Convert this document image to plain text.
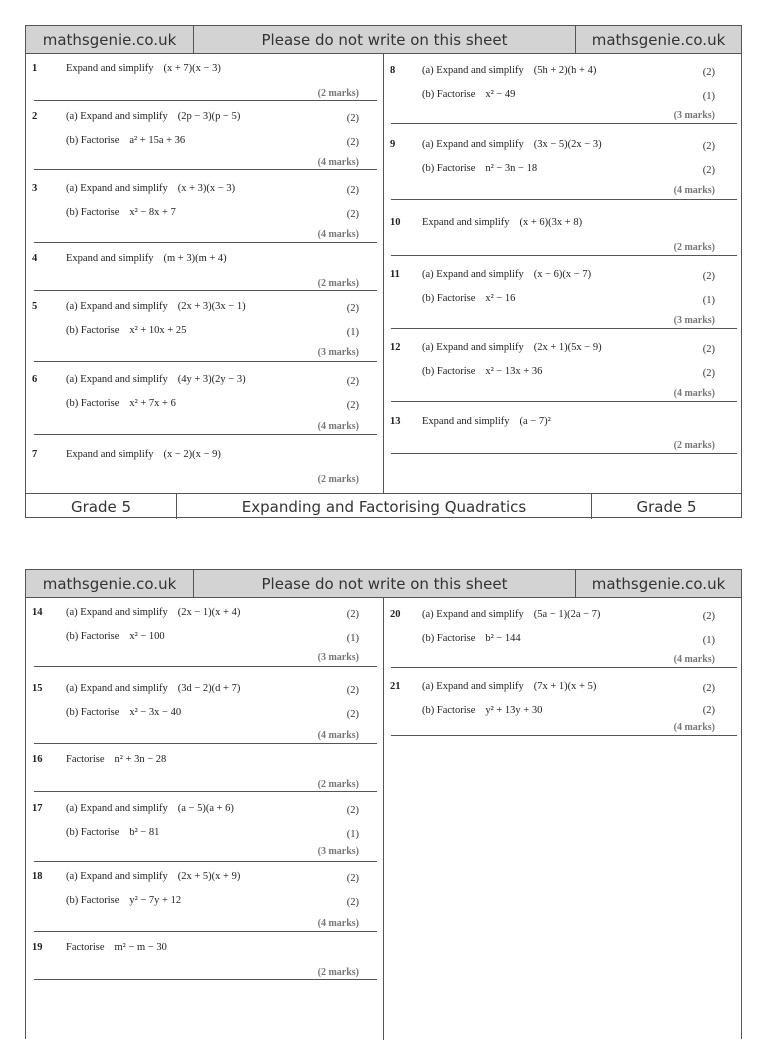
mathsgenie.co.uk	Please do not write on this sheet	mathsgenie.co.uk
1	Expand and simplify (x + 7)(x − 3)
(2 marks)
2	(a) Expand and simplify (2p − 3)(p − 5)	(2)
(b) Factorise a² + 15a + 36	(2)
(4 marks)
3	(a) Expand and simplify (x + 3)(x − 3)	(2)
(b) Factorise x² − 8x + 7	(2)
(4 marks)
4	Expand and simplify (m + 3)(m + 4)
(2 marks)
5	(a) Expand and simplify (2x + 3)(3x − 1)	(2)
(b) Factorise x² + 10x + 25	(1)
(3 marks)
6	(a) Expand and simplify (4y + 3)(2y − 3)	(2)
(b) Factorise x² + 7x + 6	(2)
(4 marks)
7	Expand and simplify (x − 2)(x − 9)
(2 marks)
8	(a) Expand and simplify (5h + 2)(h + 4)	(2)
(b) Factorise x² − 49	(1)
(3 marks)
9	(a) Expand and simplify (3x − 5)(2x − 3)	(2)
(b) Factorise n² − 3n − 18	(2)
(4 marks)
10 Expand and simplify (x + 6)(3x + 8)
(2 marks)
11 (a) Expand and simplify (x − 6)(x − 7)	(2)
(b) Factorise x² − 16	(1)
(3 marks)
12 (a) Expand and simplify (2x + 1)(5x − 9)	(2)
(b) Factorise x² − 13x + 36	(2)
(4 marks)
13 Expand and simplify (a − 7)²
(2 marks)
Grade 5	Expanding and Factorising Quadratics	Grade 5
mathsgenie.co.uk	Please do not write on this sheet	mathsgenie.co.uk
14 (a) Expand and simplify (2x − 1)(x + 4)	(2)
(b) Factorise x² − 100	(1)
(3 marks)
15 (a) Expand and simplify (3d − 2)(d + 7)	(2)
(b) Factorise x² − 3x − 40	(2)
(4 marks)
16 Factorise n² + 3n − 28
(2 marks)
17 (a) Expand and simplify (a − 5)(a + 6)	(2)
(b) Factorise b² − 81	(1)
(3 marks)
18 (a) Expand and simplify (2x + 5)(x + 9)	(2)
(b) Factorise y² − 7y + 12	(2)
(4 marks)
19 Factorise m² − m − 30
(2 marks)
20 (a) Expand and simplify (5a − 1)(2a − 7)	(2)
(b) Factorise b² − 144	(1)
(4 marks)
21 (a) Expand and simplify (7x + 1)(x + 5)	(2)
(b) Factorise y² + 13y + 30	(2)
(4 marks)
